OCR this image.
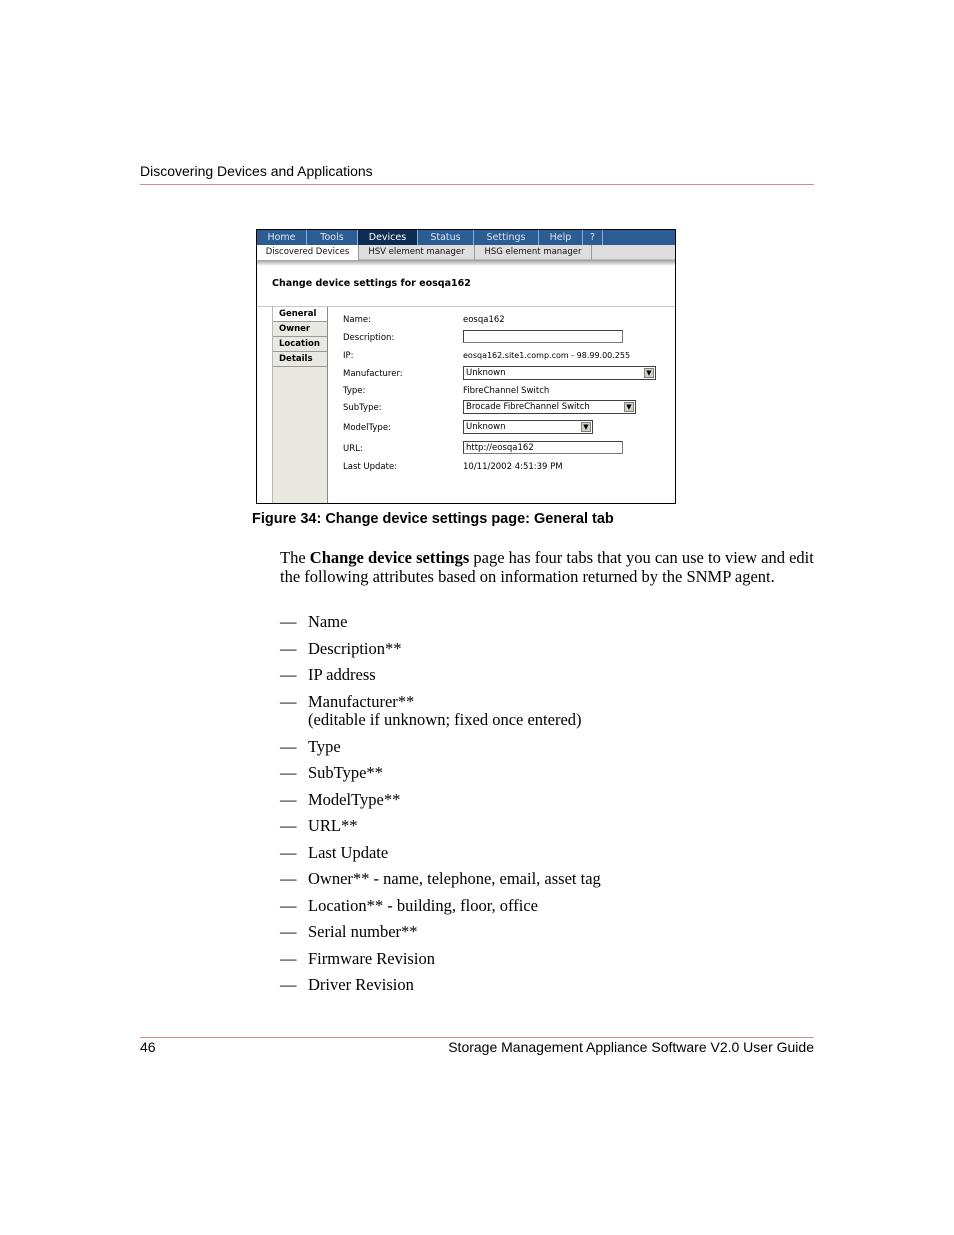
Discovering Devices and Applications
Home	Tools	Devices	Status	Settings	Help	?
Discovered Devices	HSV element manager	HSG element manager
Change device settings for eosqa162
General
Owner
Location
Details
Name:	eosqa162
Description:
IP:	eosqa162.site1.comp.com - 98.99.00.255
Manufacturer:	Unknown	▼
Type:	FibreChannel Switch
SubType:	Brocade FibreChannel Switch	▼
ModelType:	Unknown	▼
URL:	http://eosqa162
Last Update:	10/11/2002 4:51:39 PM
Figure 34: Change device settings page: General tab
The Change device settings page has four tabs that you can use to view and edit the following attributes based on information returned by the SNMP agent.
— Name
— Description**
— IP address
— Manufacturer**
(editable if unknown; fixed once entered)
— Type
— SubType**
— ModelType**
— URL**
— Last Update
— Owner** - name, telephone, email, asset tag
— Location** - building, floor, office
— Serial number**
— Firmware Revision
— Driver Revision
46	Storage Management Appliance Software V2.0 User Guide
